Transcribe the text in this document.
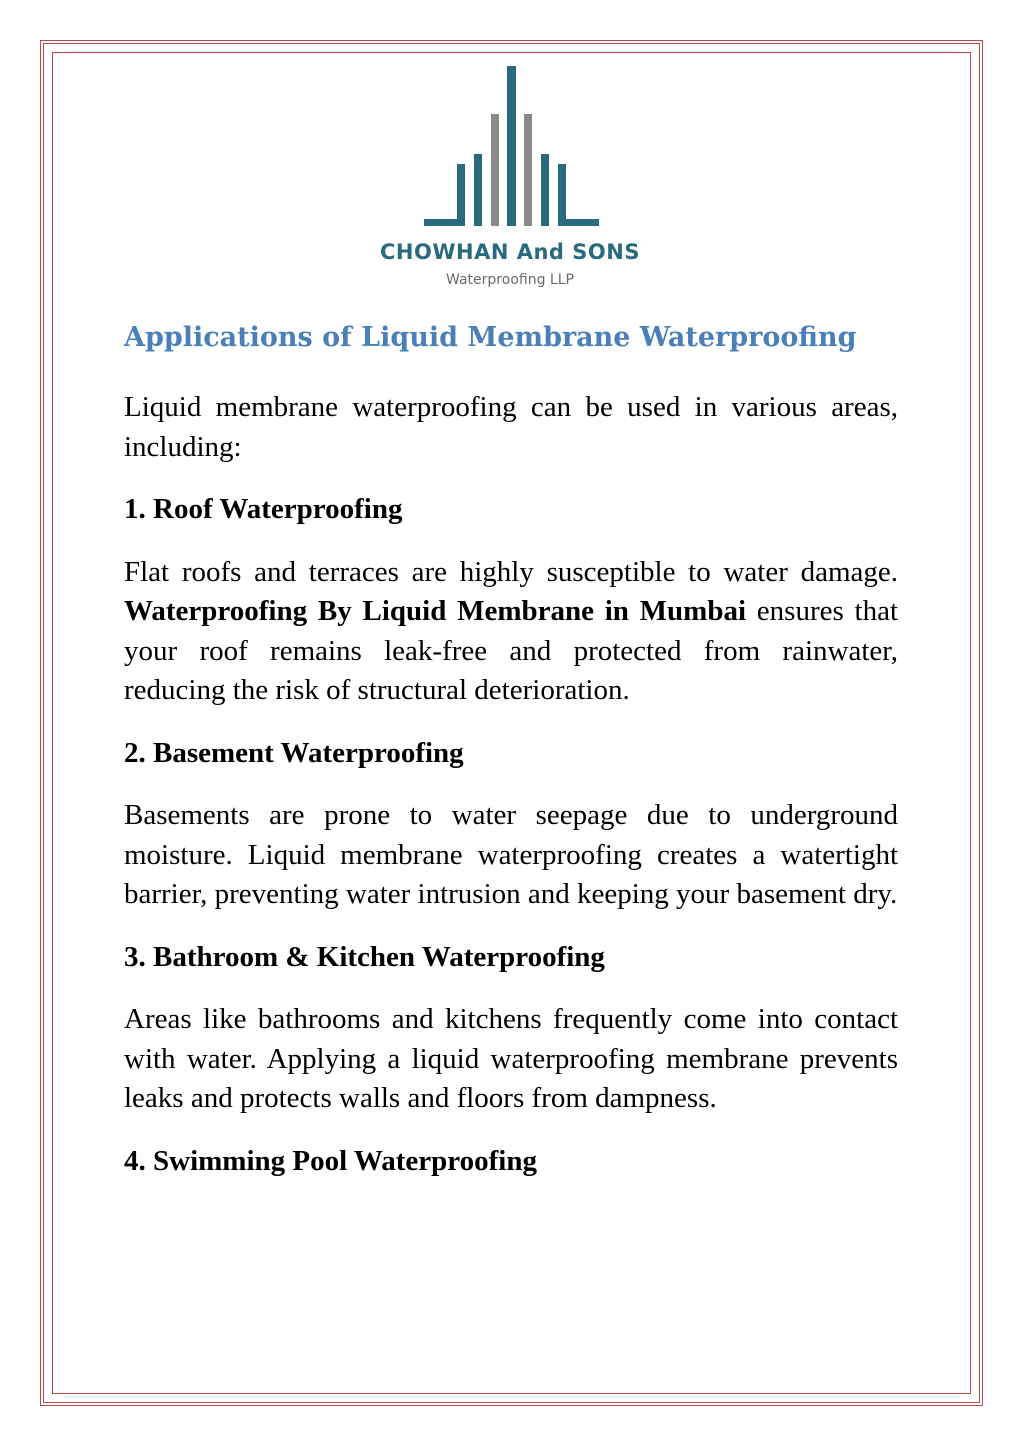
CHOWHAN And SONS
Waterproofing LLP
Applications of Liquid Membrane Waterproofing

Liquid membrane waterproofing can be used in various areas, including:

1. Roof Waterproofing

Flat roofs and terraces are highly susceptible to water damage. Waterproofing By Liquid Membrane in Mumbai ensures that your roof remains leak-free and protected from rainwater, reducing the risk of structural deterioration.

2. Basement Waterproofing

Basements are prone to water seepage due to underground moisture. Liquid membrane waterproofing creates a watertight barrier, preventing water intrusion and keeping your basement dry.

3. Bathroom & Kitchen Waterproofing

Areas like bathrooms and kitchens frequently come into contact with water. Applying a liquid waterproofing membrane prevents leaks and protects walls and floors from dampness.

4. Swimming Pool Waterproofing
